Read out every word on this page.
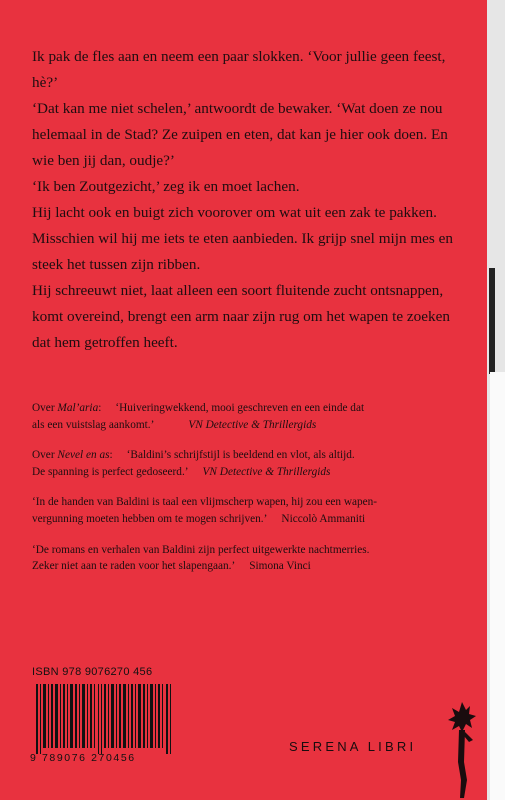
Ik pak de fles aan en neem een paar slokken. ‘Voor jullie geen feest, hè?’

‘Dat kan me niet schelen,’ antwoordt de bewaker. ‘Wat doen ze nou helemaal in de Stad? Ze zuipen en eten, dat kan je hier ook doen. En wie ben jij dan, oudje?’

‘Ik ben Zoutgezicht,’ zeg ik en moet lachen.

Hij lacht ook en buigt zich voorover om wat uit een zak te pakken. Misschien wil hij me iets te eten aanbieden. Ik grijp snel mijn mes en steek het tussen zijn ribben.

Hij schreeuwt niet, laat alleen een soort fluitende zucht ontsnappen, komt overeind, brengt een arm naar zijn rug om het wapen te zoeken dat hem getroffen heeft.

Over Mal’aria: ‘Huiveringwekkend, mooi geschreven en een einde dat
als een vuistslag aankomt.’	VN Detective & Thrillergids
Over Nevel en as: ‘Baldini’s schrijfstijl is beeldend en vlot, als altijd.
De spanning is perfect gedoseerd.’ VN Detective & Thrillergids
‘In de handen van Baldini is taal een vlijmscherp wapen, hij zou een wapen-
vergunning moeten hebben om te mogen schrijven.’ Niccolò Ammaniti
‘De romans en verhalen van Baldini zijn perfect uitgewerkte nachtmerries.
Zeker niet aan te raden voor het slapengaan.’ Simona Vinci
ISBN 978 9076270 456
9 789076 270456
SERENA LIBRI
